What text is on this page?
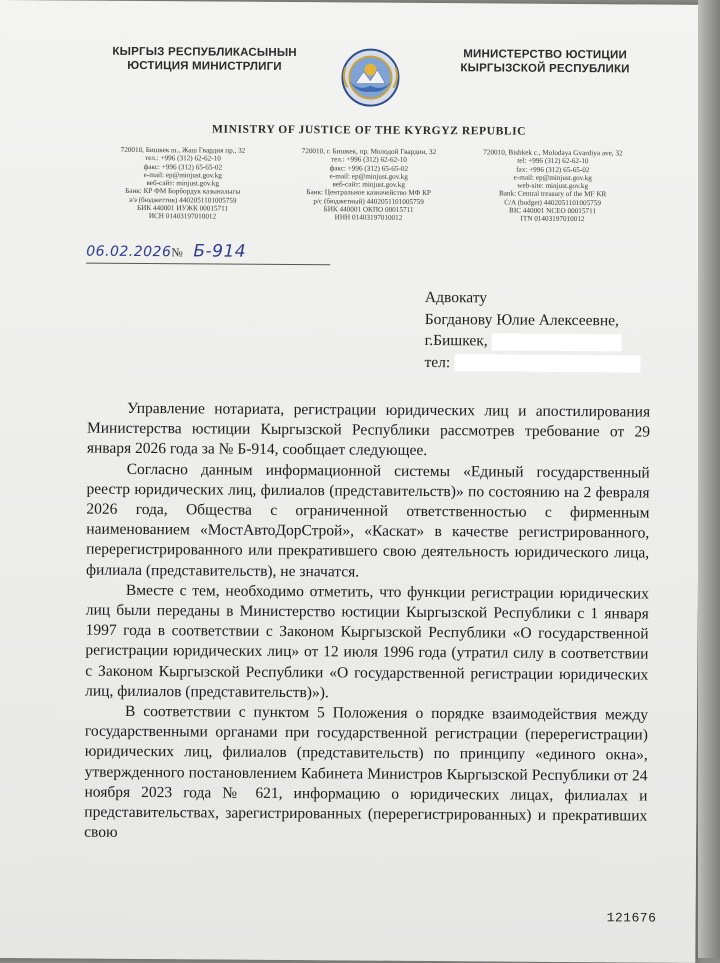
КЫРГЫЗ РЕСПУБЛИКАСЫНЫН
ЮСТИЦИЯ МИНИСТРЛИГИ
МИНИСТЕРСТВО ЮСТИЦИИ
КЫРГЫЗСКОЙ РЕСПУБЛИКИ
MINISTRY OF JUSTICE OF THE KYRGYZ REPUBLIC
720010, Бишкек ш., Жаш Гвардия пр., 32
тел.: +996 (312) 62-62-10
факс: +996 (312) 65-65-02
e-mail: ep@minjust.gov.kg
веб-сайт: minjust.gov.kg
Банк: КР ФМ Борбордук казыналыгы
э/э (бюджеттик) 4402051101005759
БИК 440001 ИУЖК 00015711
ИСН 01403197010012
720010, г. Бишкек, пр. Молодой Гвардии, 32
тел.: +996 (312) 62-62-10
факс: +996 (312) 65-65-02
e-mail: ep@minjust.gov.kg
веб-сайт: minjust.gov.kg
Банк: Центральное казначейство МФ КР
р/с (бюджетный) 4402051101005759
БИК 440001 ОКПО 00015711
ИНН 01403197010012
720010, Bishkek c., Molodaya Gvardiya ave, 32
tel: +996 (312) 62-62-10
fax: +996 (312) 65-65-02
e-mail: ep@minjust.gov.kg
web-site: minjust.gov.kg
Bank: Central treasury of the MF KR
C/A (budget) 4402051101005759
BIC 440001 NCEO 00015711
ITN 01403197010012
06.02.2026№ Б-914
Адвокату
Богданову Юлие Алексеевне,
г.Бишкек,
тел:

Управление нотариата, регистрации юридических лиц и апостилирования Министерства юстиции Кыргызской Республики рассмотрев требование от 29 января 2026 года за № Б-914, сообщает следующее.

Согласно данным информационной системы «Единый государственный реестр юридических лиц, филиалов (представительств)» по состоянию на 2 февраля 2026 года, Общества с ограниченной ответственностью с фирменным наименованием «МостАвтоДорСтрой», «Каскат» в качестве регистрированного, перерегистрированного или прекратившего свою деятельность юридического лица, филиала (представительств), не значатся.

Вместе с тем, необходимо отметить, что функции регистрации юридических лиц были переданы в Министерство юстиции Кыргызской Республики с 1 января 1997 года в соответствии с Законом Кыргызской Республики «О государственной регистрации юридических лиц» от 12 июля 1996 года (утратил силу в соответствии с Законом Кыргызской Республики «О государственной регистрации юридических лиц, филиалов (представительств)»).

В соответствии с пунктом 5 Положения о порядке взаимодействия между государственными органами при государственной регистрации (перерегистрации) юридических лиц, филиалов (представительств) по принципу «единого окна», утвержденного постановлением Кабинета Министров Кыргызской Республики от 24 ноября 2023 года № 621, информацию о юридических лицах, филиалах и представительствах, зарегистрированных (перерегистрированных) и прекративших свою

121676
